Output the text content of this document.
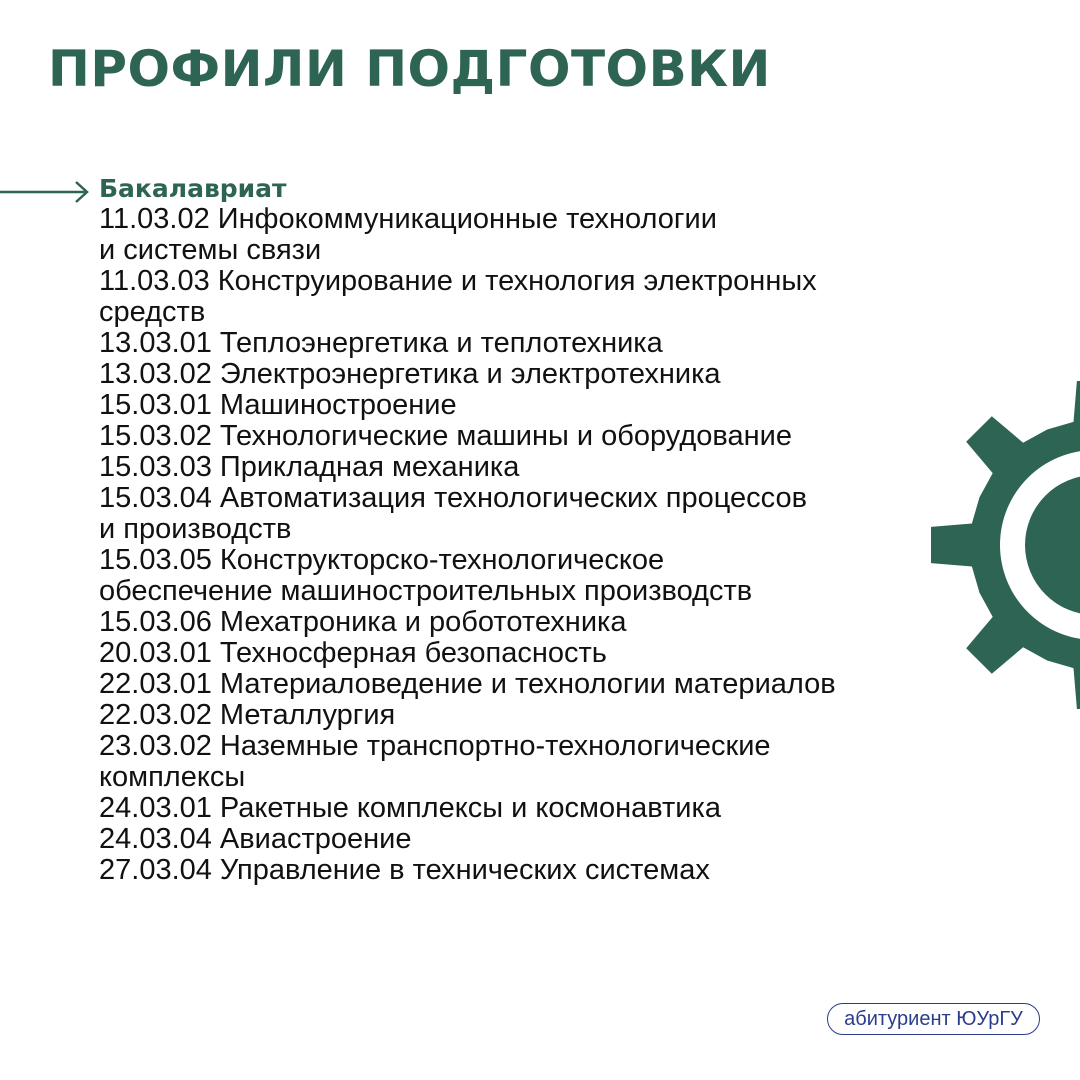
ПРОФИЛИ ПОДГОТОВКИ
Бакалавриат
11.03.02 Инфокоммуникационные технологии
и системы связи
11.03.03 Конструирование и технология электронных
средств
13.03.01 Теплоэнергетика и теплотехника
13.03.02 Электроэнергетика и электротехника
15.03.01 Машиностроение
15.03.02 Технологические машины и оборудование
15.03.03 Прикладная механика
15.03.04 Автоматизация технологических процессов
и производств
15.03.05 Конструкторско-технологическое
обеспечение машиностроительных производств
15.03.06 Мехатроника и робототехника
20.03.01 Техносферная безопасность
22.03.01 Материаловедение и технологии материалов
22.03.02 Металлургия
23.03.02 Наземные транспортно-технологические
комплексы
24.03.01 Ракетные комплексы и космонавтика
24.03.04 Авиастроение
27.03.04 Управление в технических системах
абитуриент ЮУрГУ
